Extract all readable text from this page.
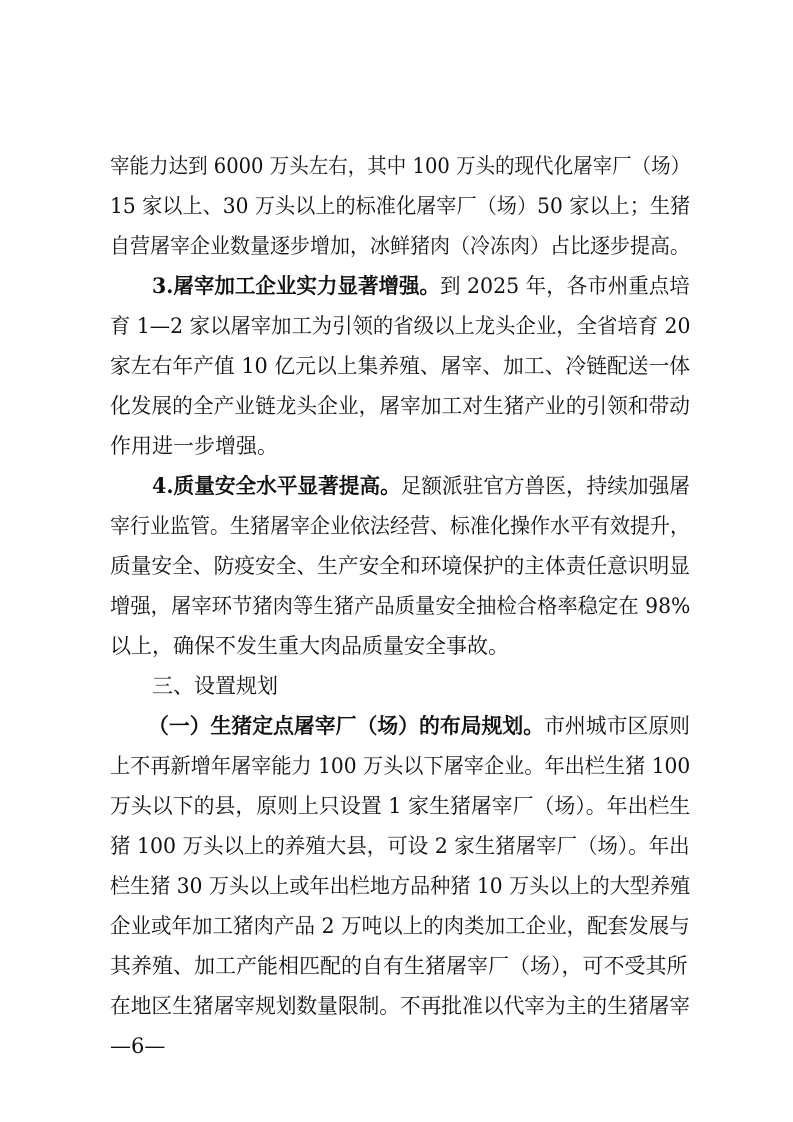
宰能力达到 6000 万头左右，其中 100 万头的现代化屠宰厂（场）
15 家以上、30 万头以上的标准化屠宰厂（场）50 家以上；生猪
自营屠宰企业数量逐步增加，冰鲜猪肉（冷冻肉）占比逐步提高。
3.屠宰加工企业实力显著增强。到 2025 年，各市州重点培
育 1—2 家以屠宰加工为引领的省级以上龙头企业，全省培育 20
家左右年产值 10 亿元以上集养殖、屠宰、加工、冷链配送一体
化发展的全产业链龙头企业，屠宰加工对生猪产业的引领和带动
作用进一步增强。
4.质量安全水平显著提高。足额派驻官方兽医，持续加强屠
宰行业监管。生猪屠宰企业依法经营、标准化操作水平有效提升，
质量安全、防疫安全、生产安全和环境保护的主体责任意识明显
增强，屠宰环节猪肉等生猪产品质量安全抽检合格率稳定在 98%
以上，确保不发生重大肉品质量安全事故。
三、设置规划
（一）生猪定点屠宰厂（场）的布局规划。市州城市区原则
上不再新增年屠宰能力 100 万头以下屠宰企业。年出栏生猪 100
万头以下的县，原则上只设置 1 家生猪屠宰厂（场）。年出栏生
猪 100 万头以上的养殖大县，可设 2 家生猪屠宰厂（场）。年出
栏生猪 30 万头以上或年出栏地方品种猪 10 万头以上的大型养殖
企业或年加工猪肉产品 2 万吨以上的肉类加工企业，配套发展与
其养殖、加工产能相匹配的自有生猪屠宰厂（场），可不受其所
在地区生猪屠宰规划数量限制。不再批准以代宰为主的生猪屠宰
—6—
